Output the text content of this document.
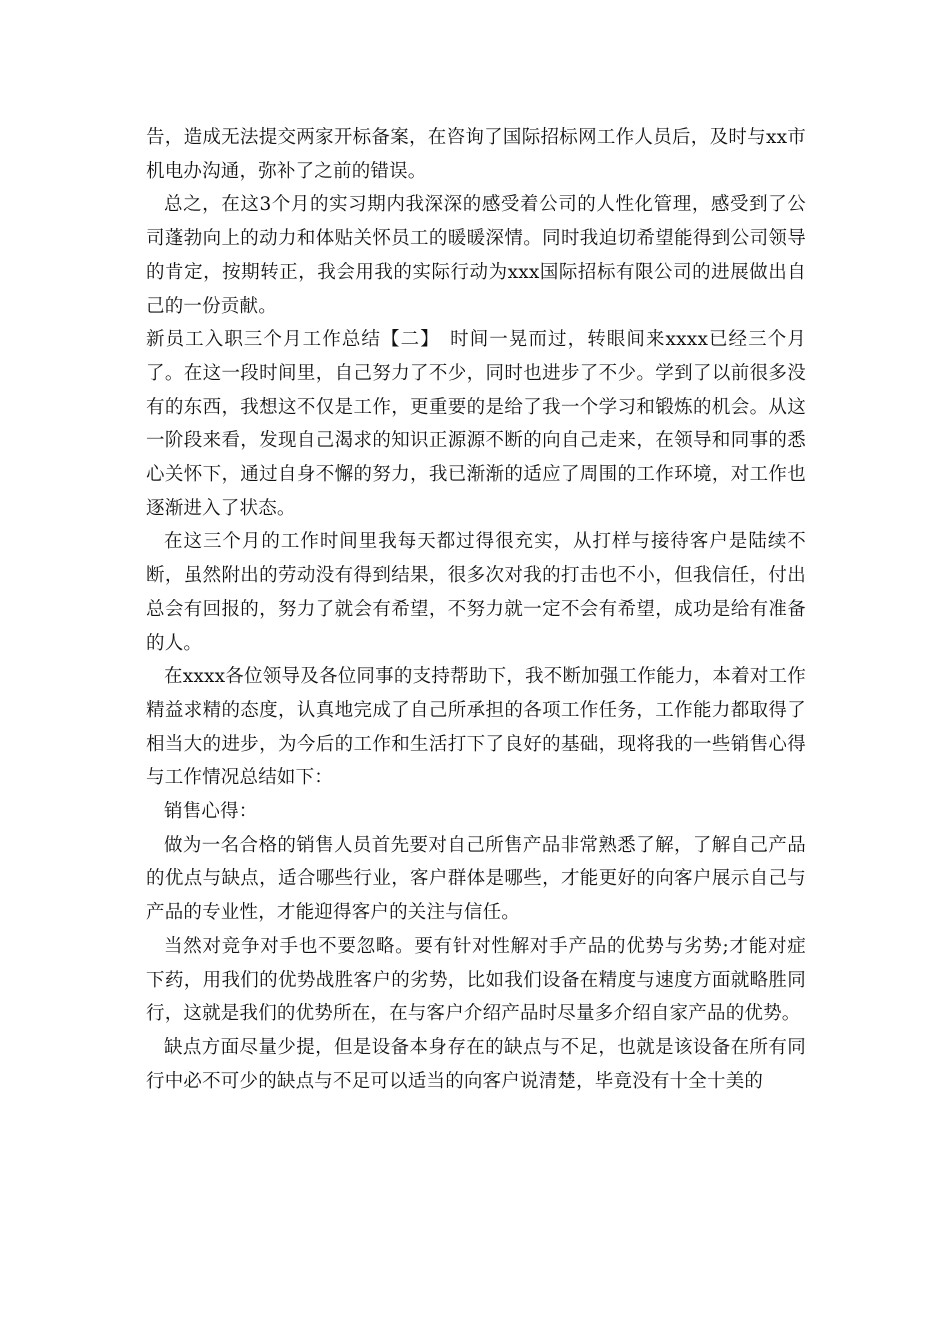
告，造成无法提交两家开标备案，在咨询了国际招标网工作人员后，及时与xx市机电办沟通，弥补了之前的错误。

总之，在这3个月的实习期内我深深的感受着公司的人性化管理，感受到了公司蓬勃向上的动力和体贴关怀员工的暖暖深情。同时我迫切希望能得到公司领导的肯定，按期转正，我会用我的实际行动为xxx国际招标有限公司的进展做出自己的一份贡献。

新员工入职三个月工作总结【二】　时间一晃而过，转眼间来xxxx已经三个月了。在这一段时间里，自己努力了不少，同时也进步了不少。学到了以前很多没有的东西，我想这不仅是工作，更重要的是给了我一个学习和锻炼的机会。从这一阶段来看，发现自己渴求的知识正源源不断的向自己走来，在领导和同事的悉心关怀下，通过自身不懈的努力，我已渐渐的适应了周围的工作环境，对工作也逐渐进入了状态。

在这三个月的工作时间里我每天都过得很充实，从打样与接待客户是陆续不断，虽然附出的劳动没有得到结果，很多次对我的打击也不小，但我信任，付出总会有回报的，努力了就会有希望，不努力就一定不会有希望，成功是给有准备的人。

在xxxx各位领导及各位同事的支持帮助下，我不断加强工作能力，本着对工作精益求精的态度，认真地完成了自己所承担的各项工作任务，工作能力都取得了相当大的进步，为今后的工作和生活打下了良好的基础，现将我的一些销售心得与工作情况总结如下：

销售心得：

做为一名合格的销售人员首先要对自己所售产品非常熟悉了解，了解自己产品的优点与缺点，适合哪些行业，客户群体是哪些，才能更好的向客户展示自己与产品的专业性，才能迎得客户的关注与信任。

当然对竞争对手也不要忽略。要有针对性解对手产品的优势与劣势;才能对症下药，用我们的优势战胜客户的劣势，比如我们设备在精度与速度方面就略胜同行，这就是我们的优势所在，在与客户介绍产品时尽量多介绍自家产品的优势。

缺点方面尽量少提，但是设备本身存在的缺点与不足，也就是该设备在所有同行中必不可少的缺点与不足可以适当的向客户说清楚，毕竟没有十全十美的
